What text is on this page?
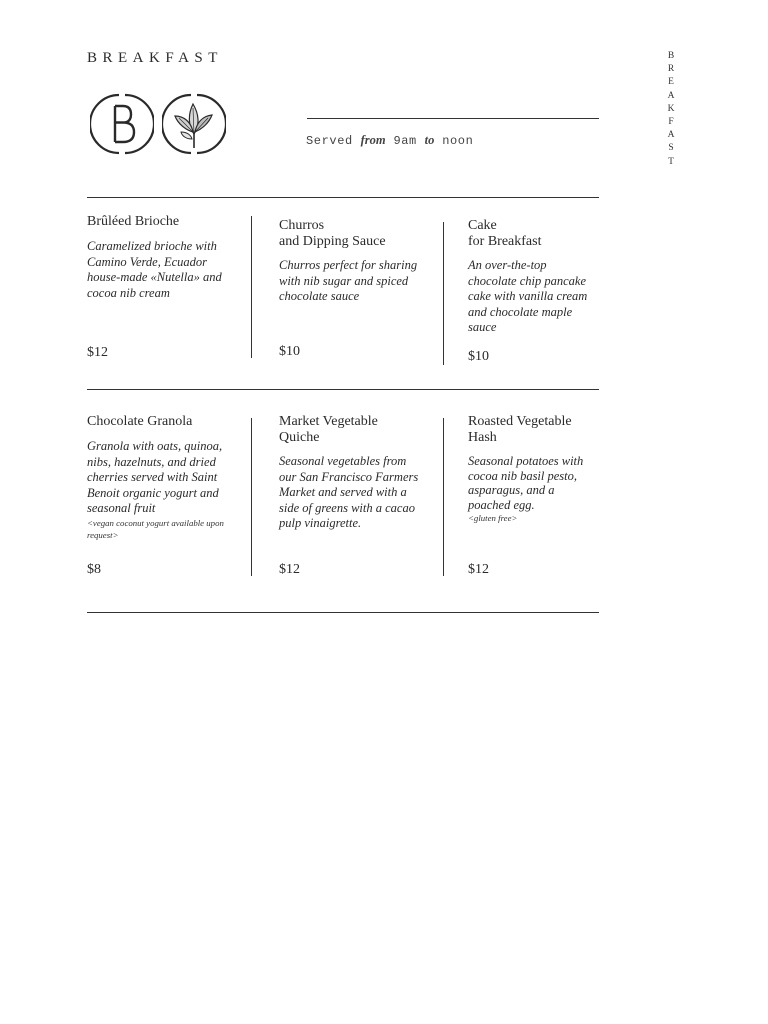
BREAKFAST	B
R
E
A
K
F
A
S
T
Served from 9am to noon
Brûléed Brioche
Caramelized brioche with Camino Verde, Ecuador house-made «Nutella» and cocoa nib cream
$12
Churros
and Dipping Sauce
Churros perfect for sharing with nib sugar and spiced chocolate sauce
$10
Cake
for Breakfast
An over-the-top chocolate chip pancake cake with vanilla cream and chocolate maple sauce
$10
Chocolate Granola
Granola with oats, quinoa, nibs, hazelnuts, and dried cherries served with Saint Benoit organic yogurt and seasonal fruit
<vegan coconut yogurt available upon request>
$8
Market Vegetable
Quiche
Seasonal vegetables from our San Francisco Farmers Market and served with a side of greens with a cacao pulp vinaigrette.
$12
Roasted Vegetable
Hash
Seasonal potatoes with cocoa nib basil pesto, asparagus, and a poached egg.
<gluten free>
$12
